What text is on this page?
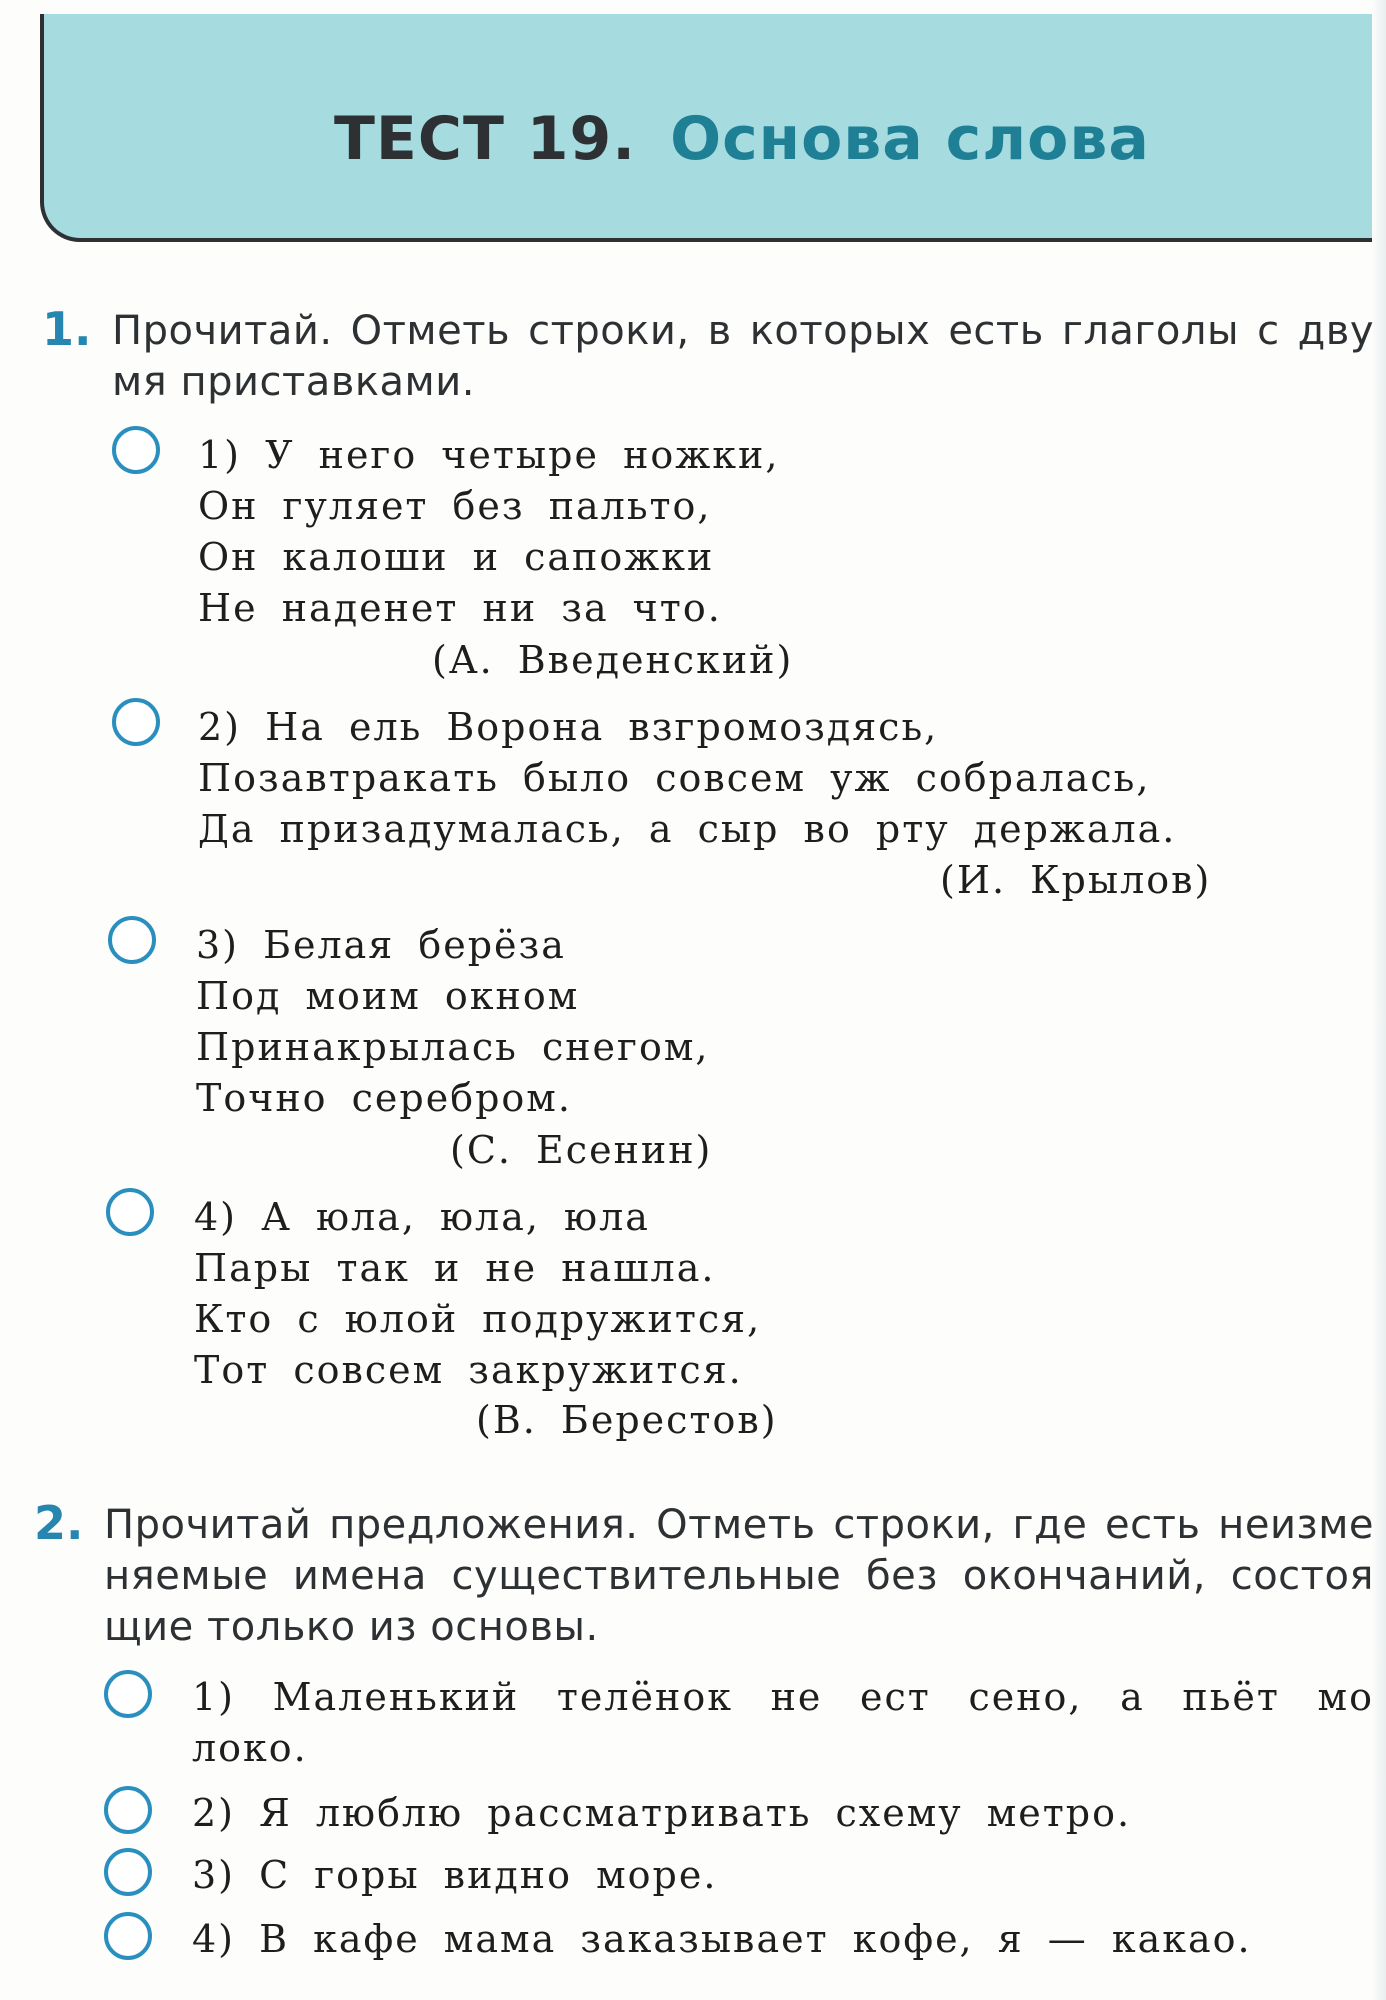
ТЕСТ 19. Основа слова
1. Прочитай. Отметь строки, в которых есть глаголы с дву
мя приставками.
1) У него четыре ножки,
Он гуляет без пальто,
Он калоши и сапожки
Не наденет ни за что.
(А. Введенский)
2) На ель Ворона взгромоздясь,
Позавтракать было совсем уж собралась,
Да призадумалась, а сыр во рту держала.
(И. Крылов)
3) Белая берёза
Под моим окном
Принакрылась снегом,
Точно серебром.
(С. Есенин)
4) А юла, юла, юла
Пары так и не нашла.
Кто с юлой подружится,
Тот совсем закружится.
(В. Берестов)
2. Прочитай предложения. Отметь строки, где есть неизме
няемые имена существительные без окончаний, состоя
щие только из основы.
1) Маленький телёнок не ест сено, а пьёт мо
локо.
2) Я люблю рассматривать схему метро.
3) С горы видно море.
4) В кафе мама заказывает кофе, я — какао.
